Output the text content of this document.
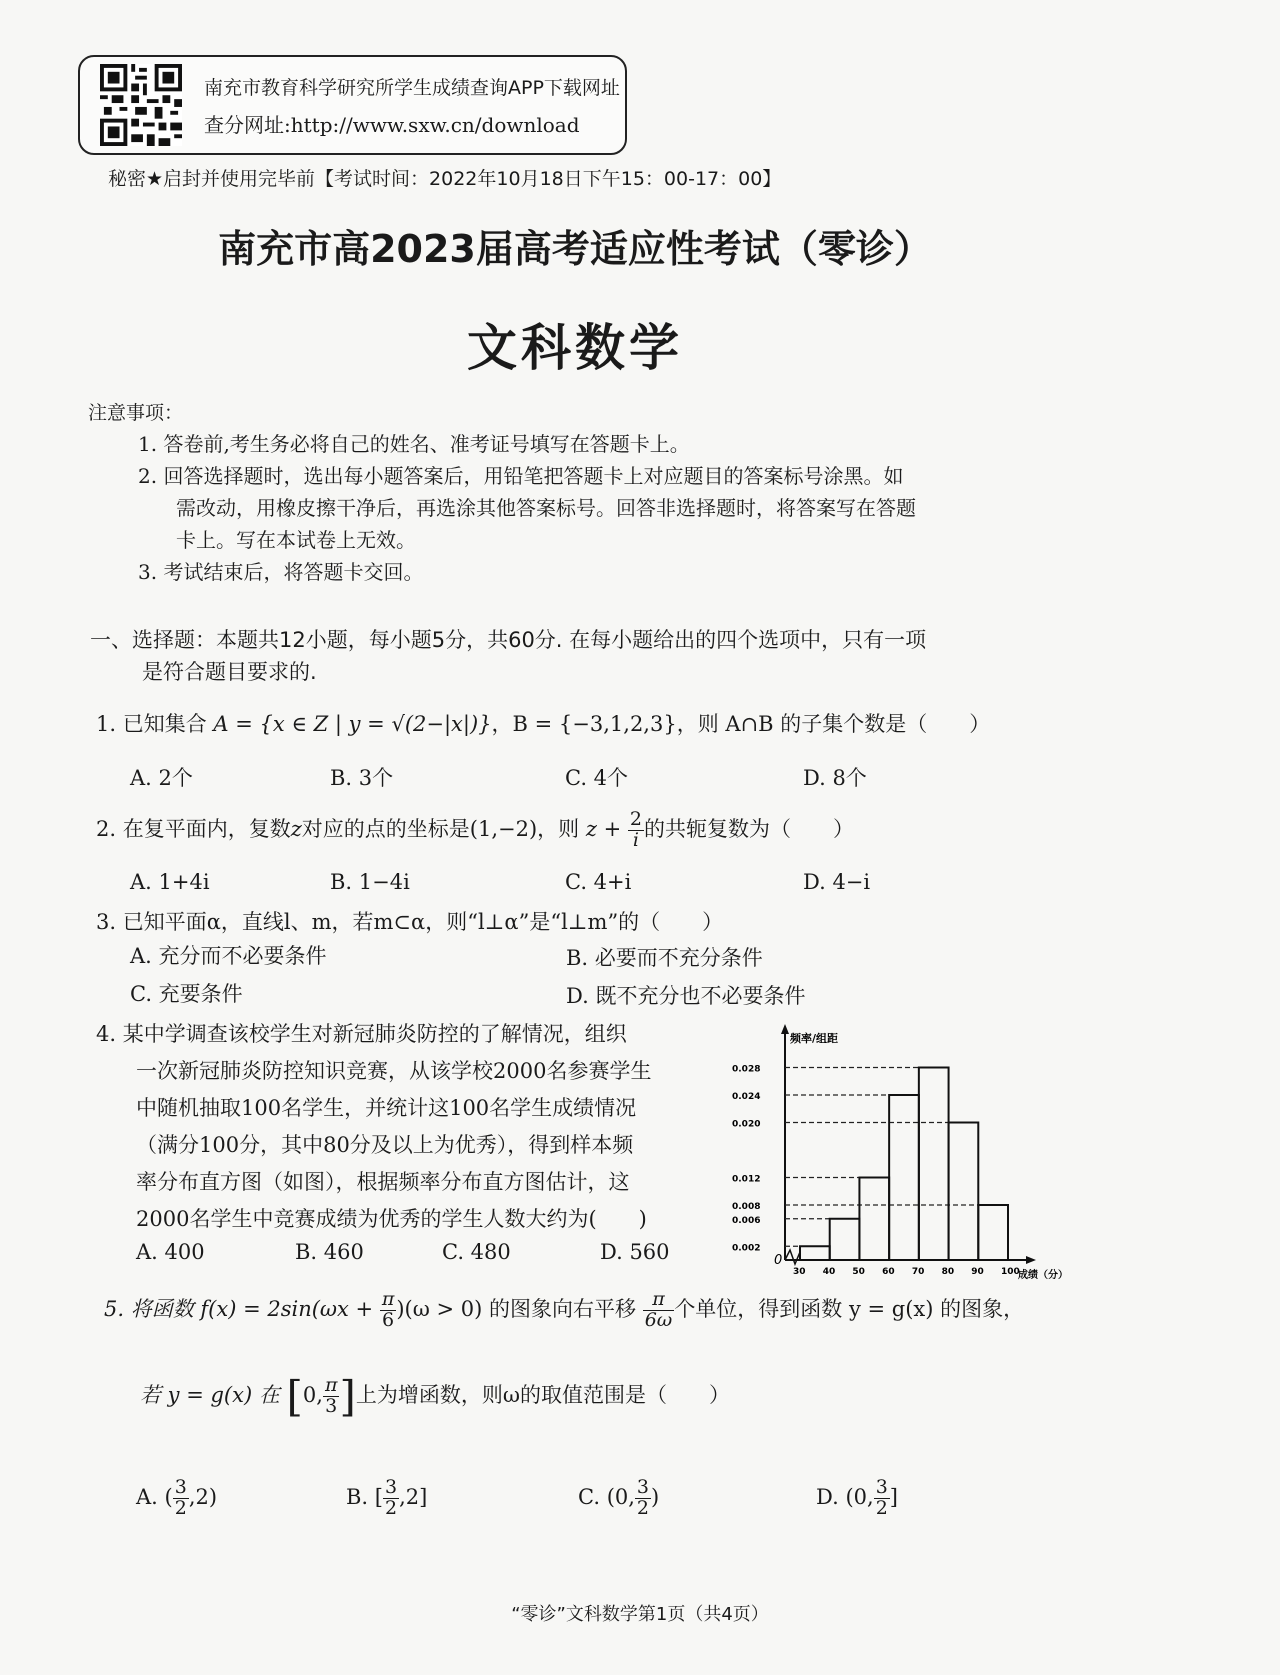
南充市教育科学研究所学生成绩查询APP下载网址
查分网址:http://www.sxw.cn/download
秘密★启封并使用完毕前【考试时间：2022年10月18日下午15：00-17：00】
南充市高2023届高考适应性考试（零诊）
文科数学
注意事项：
1. 答卷前,考生务必将自己的姓名、准考证号填写在答题卡上。
2. 回答选择题时，选出每小题答案后，用铅笔把答题卡上对应题目的答案标号涂黑。如
需改动，用橡皮擦干净后，再选涂其他答案标号。回答非选择题时，将答案写在答题
卡上。写在本试卷上无效。
3. 考试结束后，将答题卡交回。
一、选择题：本题共12小题，每小题5分，共60分. 在每小题给出的四个选项中，只有一项
是符合题目要求的.
1. 已知集合 A = {x ∈ Z | y = √(2−|x|)}，B = {−3,1,2,3}，则 A∩B 的子集个数是（　　）
A. 2个	B. 3个	C. 4个	D. 8个
2. 在复平面内，复数z对应的点的坐标是(1,−2)，则 $z + \frac{2}{i}$ 的共轭复数为（　　）
A. 1+4i	B. 1−4i	C. 4+i	D. 4−i
3. 已知平面α，直线l、m，若m⊂α，则“l⊥α”是“l⊥m”的（　　）
A. 充分而不必要条件	B. 必要而不充分条件
C. 充要条件	D. 既不充分也不必要条件
4. 某中学调查该校学生对新冠肺炎防控的了解情况，组织
一次新冠肺炎防控知识竞赛，从该学校2000名参赛学生
中随机抽取100名学生，并统计这100名学生成绩情况
（满分100分，其中80分及以上为优秀），得到样本频
率分布直方图（如图），根据频率分布直方图估计，这
2000名学生中竞赛成绩为优秀的学生人数大约为(　　)
A. 400	B. 460	C. 480	D. 560
0.028
0.024
0.020
0.012
0.008
0.006
0.002
30 40 50 60 70 80 90 100
频率/组距
成绩（分）
0
5. 将函数 $f(x) = 2\sin(\omega x + \frac{\pi}{6} )(\omega > 0)$ 的图象向右平移 $\frac{\pi}{6\omega}$ 个单位，得到函数 y = g(x) 的图象，
若 y = g(x) 在 [0, $\frac{\pi}{3}$ ]上为增函数，则ω的取值范围是（　　）
A. ( $\frac{3}{2} ,2$)	B. [ $\frac{3}{2} ,2$]	C. (0, $\frac{3}{2}$ )	D. (0, $\frac{3}{2}$ ]
“零诊”文科数学第1页（共4页）
